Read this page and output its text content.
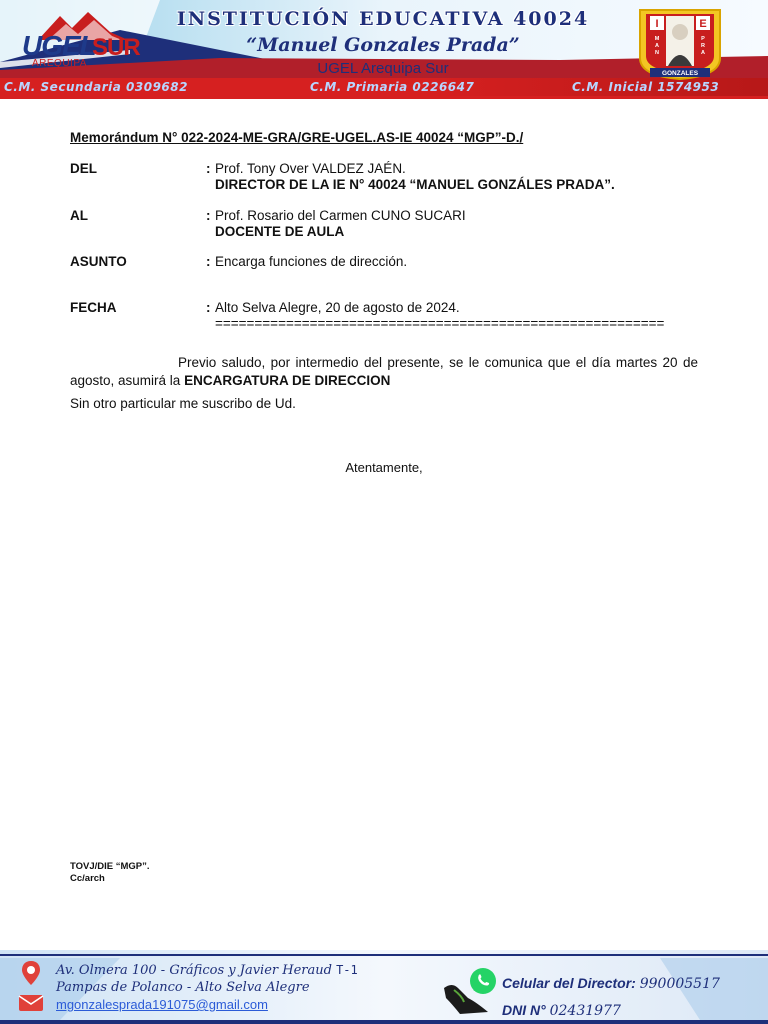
UGEL
SUR
AREQUIPA
INSTITUCIÓN EDUCATIVA 40024
“Manuel Gonzales Prada”
UGEL Arequipa Sur
I	E
M
A
N
P
R
A
GONZALES
C.M. Secundaria 0309682	C.M. Primaria 0226647	C.M. Inicial 1574953
Memorándum N° 022-2024-ME-GRA/GRE-UGEL.AS-IE 40024 “MGP”-D./
DEL	: Prof. Tony Over VALDEZ JAÉN.
DIRECTOR DE LA IE N° 40024 “MANUEL GONZÁLES PRADA”.
AL	: Prof. Rosario del Carmen CUNO SUCARI
DOCENTE DE AULA
ASUNTO	: Encarga funciones de dirección.
FECHA	: Alto Selva Alegre, 20 de agosto de 2024.
=========================================================
Previo saludo, por intermedio del presente, se le comunica que el día martes 20 de agosto, asumirá la ENCARGATURA DE DIRECCION
Sin otro particular me suscribo de Ud.
Atentamente,
TOVJ/DIE “MGP”.
Cc/arch
Av. Olmera 100 - Gráficos y Javier Heraud T-1
Pampas de Polanco - Alto Selva Alegre
mgonzalesprada191075@gmail.com
Celular del Director: 990005517
DNI N° 02431977
